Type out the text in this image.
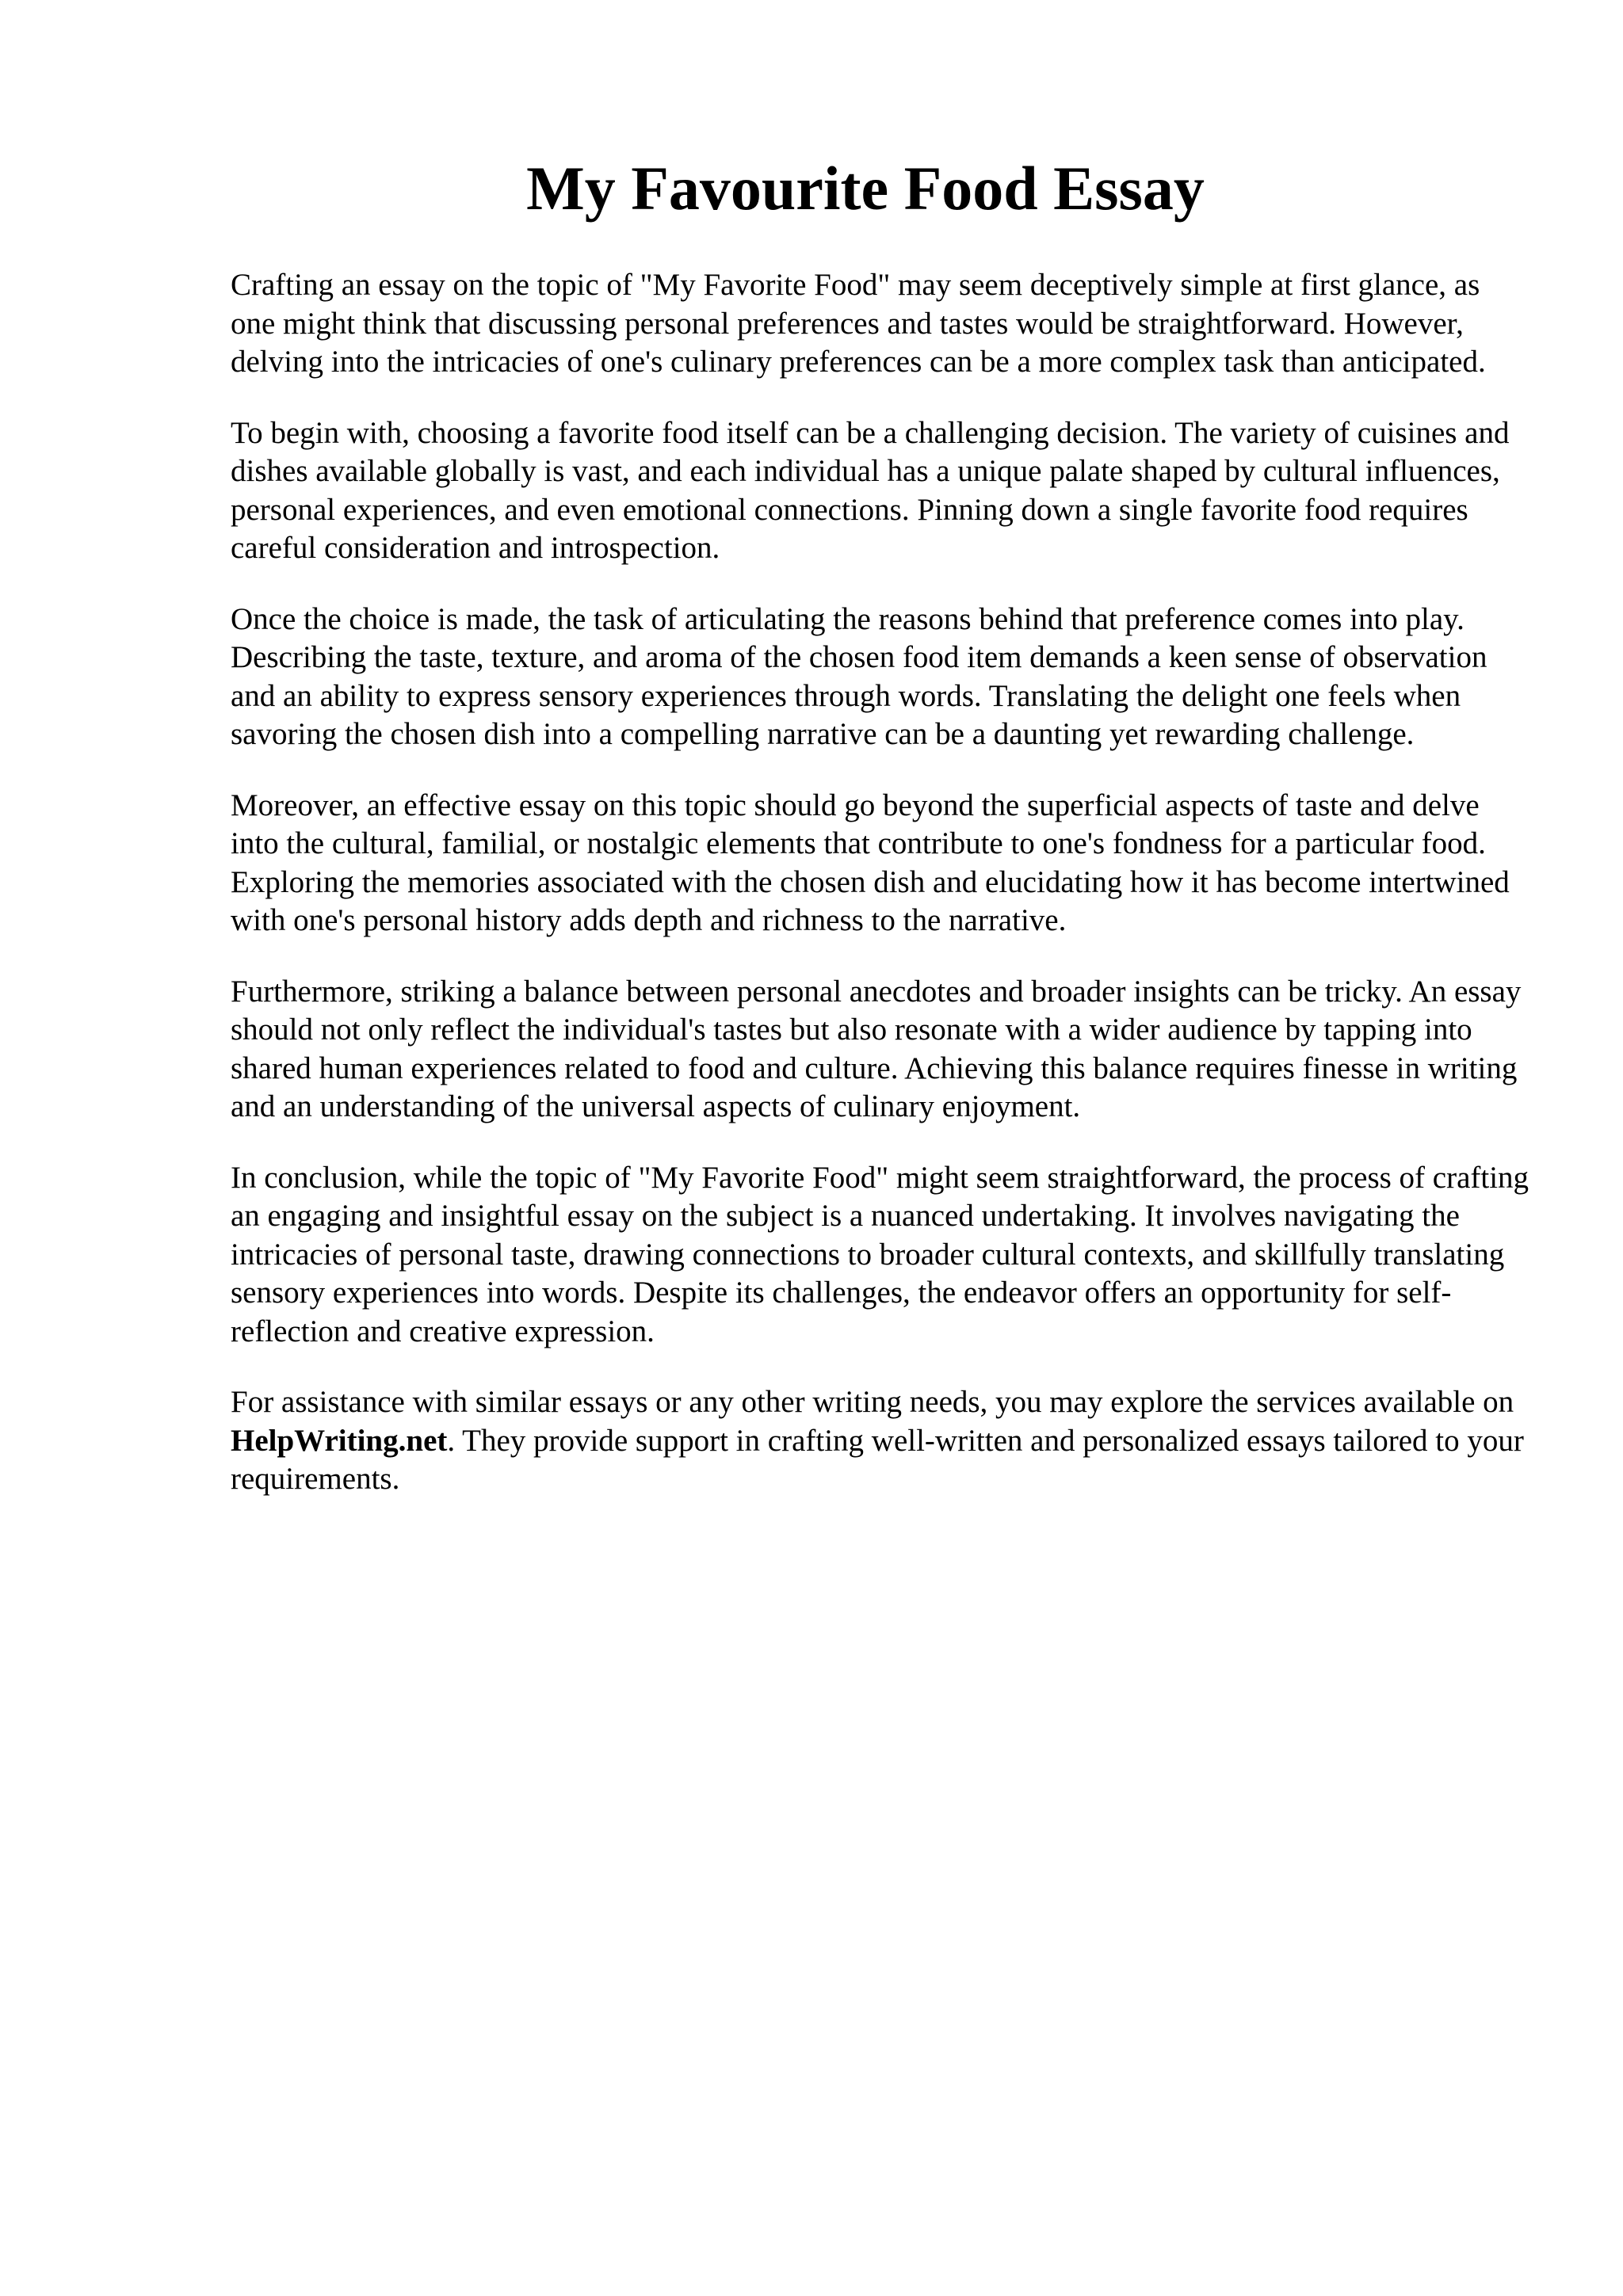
My Favourite Food Essay

Crafting an essay on the topic of "My Favorite Food" may seem deceptively simple at first glance, as one might think that discussing personal preferences and tastes would be straightforward. However, delving into the intricacies of one's culinary preferences can be a more complex task than anticipated.

To begin with, choosing a favorite food itself can be a challenging decision. The variety of cuisines and dishes available globally is vast, and each individual has a unique palate shaped by cultural influences, personal experiences, and even emotional connections. Pinning down a single favorite food requires careful consideration and introspection.

Once the choice is made, the task of articulating the reasons behind that preference comes into play. Describing the taste, texture, and aroma of the chosen food item demands a keen sense of observation and an ability to express sensory experiences through words. Translating the delight one feels when savoring the chosen dish into a compelling narrative can be a daunting yet rewarding challenge.

Moreover, an effective essay on this topic should go beyond the superficial aspects of taste and delve into the cultural, familial, or nostalgic elements that contribute to one's fondness for a particular food. Exploring the memories associated with the chosen dish and elucidating how it has become intertwined with one's personal history adds depth and richness to the narrative.

Furthermore, striking a balance between personal anecdotes and broader insights can be tricky. An essay should not only reflect the individual's tastes but also resonate with a wider audience by tapping into shared human experiences related to food and culture. Achieving this balance requires finesse in writing and an understanding of the universal aspects of culinary enjoyment.

In conclusion, while the topic of "My Favorite Food" might seem straightforward, the process of crafting an engaging and insightful essay on the subject is a nuanced undertaking. It involves navigating the intricacies of personal taste, drawing connections to broader cultural contexts, and skillfully translating sensory experiences into words. Despite its challenges, the endeavor offers an opportunity for self-reflection and creative expression.

For assistance with similar essays or any other writing needs, you may explore the services available on HelpWriting.net. They provide support in crafting well-written and personalized essays tailored to your requirements.
